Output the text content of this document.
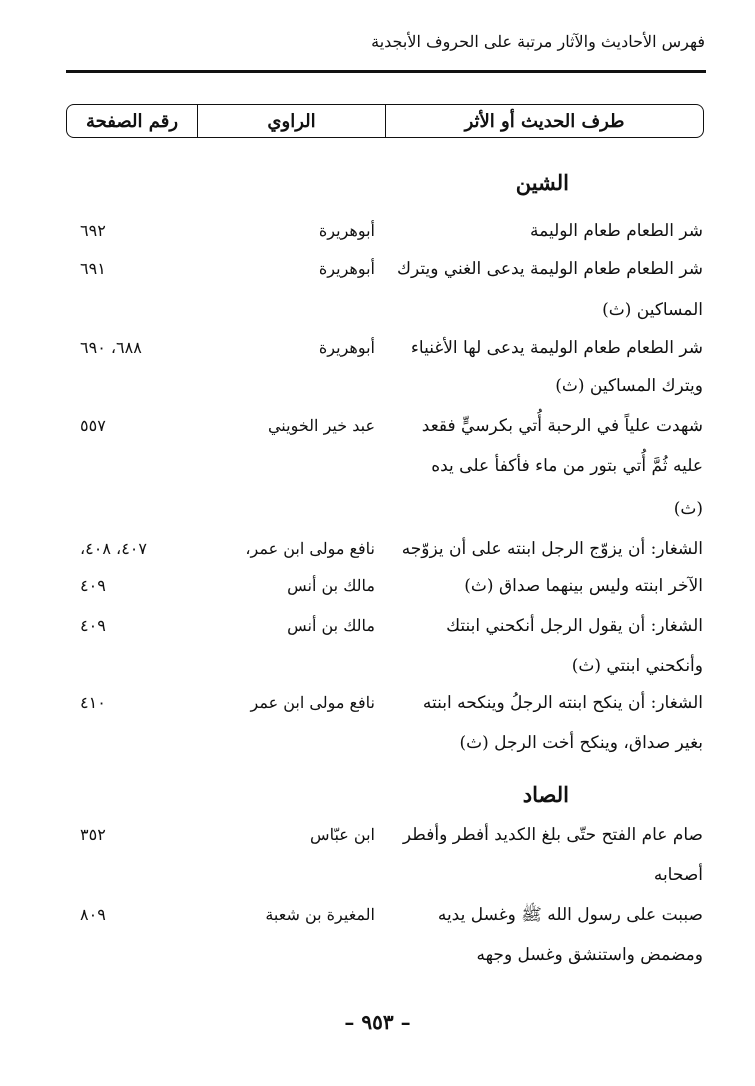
فهرس الأحاديث والآثار مرتبة على الحروف الأبجدية
طرف الحديث أو الأثر
الراوي
رقم الصفحة
الشين
شر الطعام طعام الوليمة
أبوهريرة
٦٩٢
شر الطعام طعام الوليمة يدعى الغني ويترك
أبوهريرة
٦٩١
المساكين (ث)
شر الطعام طعام الوليمة يدعى لها الأغنياء
أبوهريرة
٦٨٨، ٦٩٠
ويترك المساكين (ث)
شهدت علياً في الرحبة أُتي بكرسيٍّ فقعد
عبد خير الخويني
٥٥٧
عليه ثُمَّ أُتي بتور من ماء فأكفأ على يده
(ث)
الشغار: أن يزوّج الرجل ابنته على أن يزوّجه
نافع مولى ابن عمر،
٤٠٧، ٤٠٨،
الآخر ابنته وليس بينهما صداق (ث)
مالك بن أنس
٤٠٩
الشغار: أن يقول الرجل أنكحني ابنتك
مالك بن أنس
٤٠٩
وأنكحني ابنتي (ث)
الشغار: أن ينكح ابنته الرجلُ وينكحه ابنته
نافع مولى ابن عمر
٤١٠
بغير صداق، وينكح أخت الرجل (ث)
الصاد
صام عام الفتح حتّى بلغ الكديد أفطر وأفطر
ابن عبّاس
٣٥٢
أصحابه
صببت على رسول الله ﷺ وغسل يديه
المغيرة بن شعبة
٨٠٩
ومضمض واستنشق وغسل وجهه
– ٩٥٣ –
